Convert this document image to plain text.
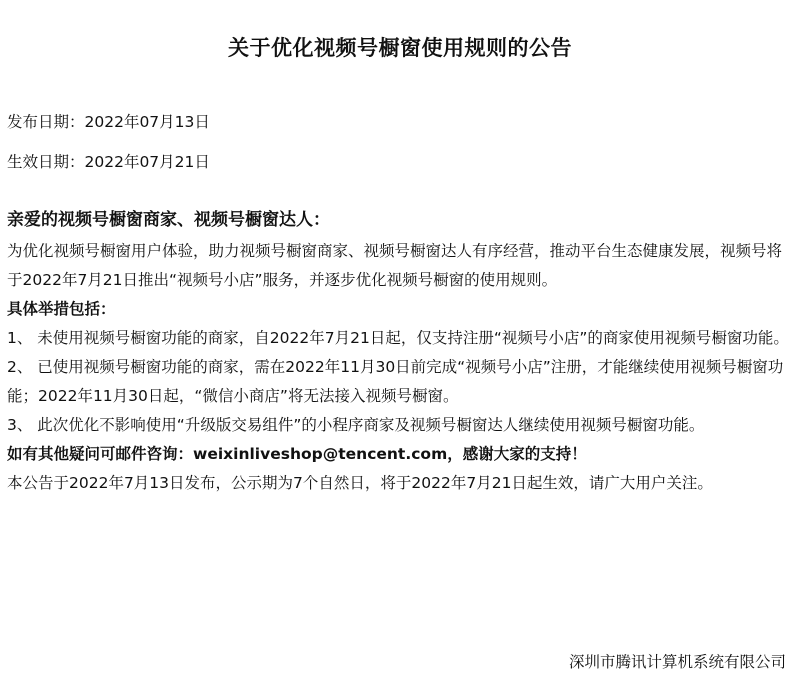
关于优化视频号橱窗使用规则的公告
发布日期：2022年07月13日
生效日期：2022年07月21日

亲爱的视频号橱窗商家、视频号橱窗达人：

为优化视频号橱窗用户体验，助力视频号橱窗商家、视频号橱窗达人有序经营，推动平台生态健康发展，视频号将于2022年7月21日推出“视频号小店”服务，并逐步优化视频号橱窗的使用规则。

具体举措包括：

1、 未使用视频号橱窗功能的商家，自2022年7月21日起，仅支持注册“视频号小店”的商家使用视频号橱窗功能。

2、 已使用视频号橱窗功能的商家，需在2022年11月30日前完成“视频号小店”注册，才能继续使用视频号橱窗功能；2022年11月30日起，“微信小商店”将无法接入视频号橱窗。

3、 此次优化不影响使用“升级版交易组件”的小程序商家及视频号橱窗达人继续使用视频号橱窗功能。

如有其他疑问可邮件咨询：weixinliveshop@tencent.com，感谢大家的支持！

本公告于2022年7月13日发布，公示期为7个自然日，将于2022年7月21日起生效，请广大用户关注。

深圳市腾讯计算机系统有限公司
